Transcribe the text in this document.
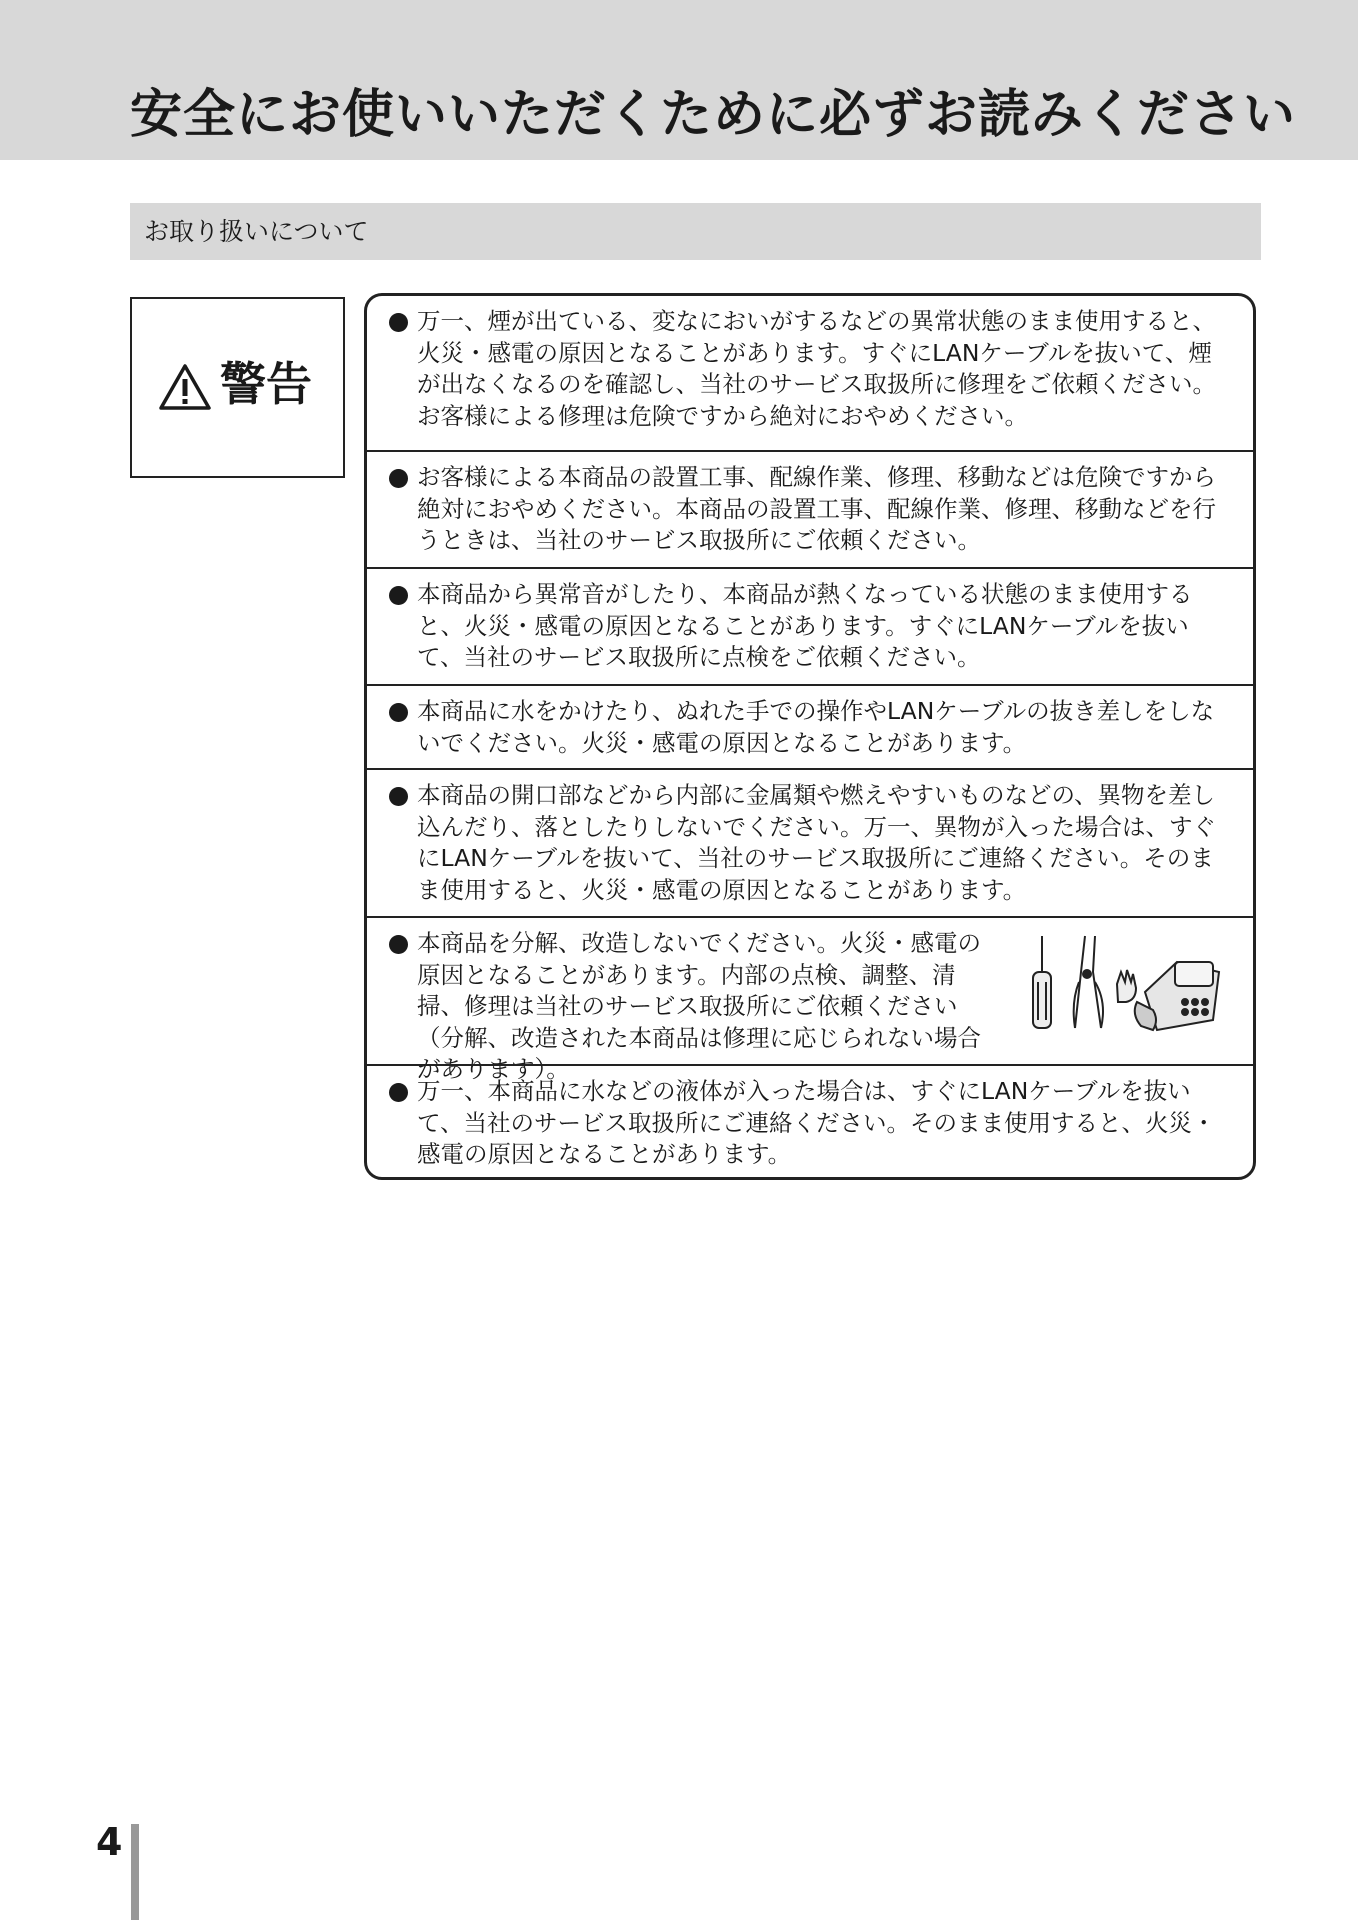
安全にお使いいただくために必ずお読みください
お取り扱いについて
警告
万一、煙が出ている、変なにおいがするなどの異常状態のまま使用すると、火災・感電の原因となることがあります。すぐにLANケーブルを抜いて、煙が出なくなるのを確認し、当社のサービス取扱所に修理をご依頼ください。お客様による修理は危険ですから絶対におやめください。
お客様による本商品の設置工事、配線作業、修理、移動などは危険ですから絶対におやめください。本商品の設置工事、配線作業、修理、移動などを行うときは、当社のサービス取扱所にご依頼ください。
本商品から異常音がしたり、本商品が熱くなっている状態のまま使用すると、火災・感電の原因となることがあります。すぐにLANケーブルを抜いて、当社のサービス取扱所に点検をご依頼ください。
本商品に水をかけたり、ぬれた手での操作やLANケーブルの抜き差しをしないでください。火災・感電の原因となることがあります。
本商品の開口部などから内部に金属類や燃えやすいものなどの、異物を差し込んだり、落としたりしないでください。万一、異物が入った場合は、すぐにLANケーブルを抜いて、当社のサービス取扱所にご連絡ください。そのまま使用すると、火災・感電の原因となることがあります。
本商品を分解、改造しないでください。火災・感電の原因となることがあります。内部の点検、調整、清掃、修理は当社のサービス取扱所にご依頼ください（分解、改造された本商品は修理に応じられない場合があります）。
万一、本商品に水などの液体が入った場合は、すぐにLANケーブルを抜いて、当社のサービス取扱所にご連絡ください。そのまま使用すると、火災・感電の原因となることがあります。
4
